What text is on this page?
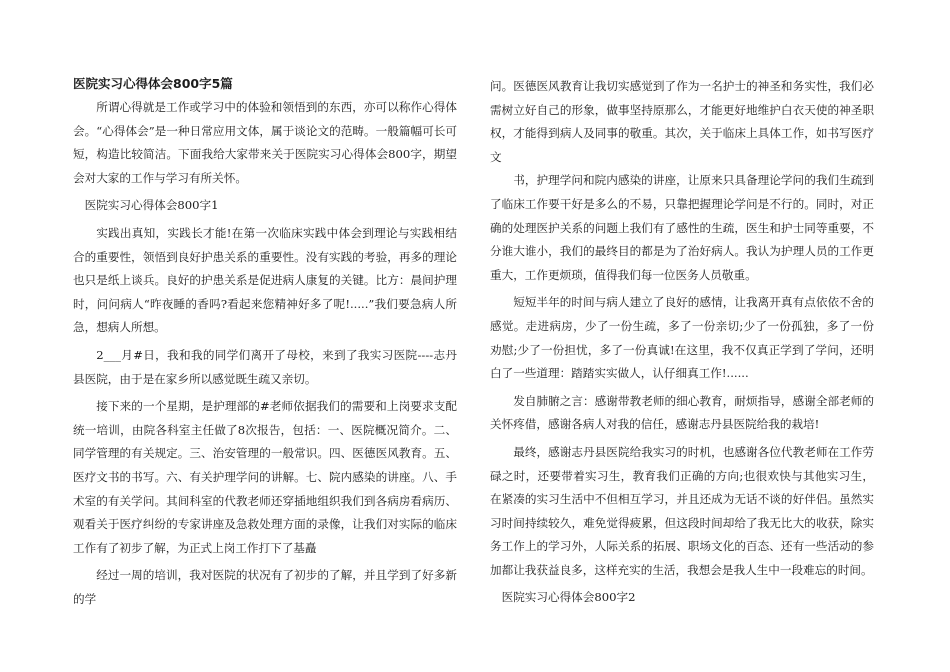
医院实习心得体会800字5篇

所谓心得就是工作或学习中的体验和领悟到的东西，亦可以称作心得体会。“心得体会”是一种日常应用文体，属于谈论文的范畴。一般篇幅可长可短，构造比较简洁。下面我给大家带来关于医院实习心得体会800字，期望会对大家的工作与学习有所关怀。

医院实习心得体会800字1

实践出真知，实践长才能!在第一次临床实践中体会到理论与实践相结合的重要性，领悟到良好护患关系的重要性。没有实践的考验，再多的理论也只是纸上谈兵。良好的护患关系是促进病人康复的关键。比方：晨间护理时，问问病人“昨夜睡的香吗?看起来您精神好多了呢!.....”我们要急病人所急，想病人所想。

2___月#日，我和我的同学们离开了母校，来到了我实习医院----志丹县医院，由于是在家乡所以感觉既生疏又亲切。

接下来的一个星期，是护理部的#老师依据我们的需要和上岗要求支配统一培训，由院各科室主任做了8次报告，包括：一、医院概况简介。二、同学管理的有关规定。三、治安管理的一般常识。四、医德医风教育。五、医疗文书的书写。六、有关护理学问的讲解。七、院内感染的讲座。八、手术室的有关学问。其间科室的代教老师还穿插地组织我们到各病房看病历、观看关于医疗纠纷的专家讲座及急救处理方面的录像，让我们对实际的临床工作有了初步了解，为正式上岗工作打下了基矗

经过一周的培训，我对医院的状况有了初步的了解，并且学到了好多新的学

问。医德医风教育让我切实感觉到了作为一名护士的神圣和务实性，我们必需树立好自己的形象，做事坚持原那么，才能更好地维护白衣天使的神圣职权，才能得到病人及同事的敬重。其次，关于临床上具体工作，如书写医疗文

书，护理学问和院内感染的讲座，让原来只具备理论学问的我们生疏到了临床工作要干好是多么的不易，只靠把握理论学问是不行的。同时，对正确的处理医护关系的问题上我们有了感性的生疏，医生和护士同等重要，不分谁大谁小，我们的最终目的都是为了治好病人。我认为护理人员的工作更重大，工作更烦琐，值得我们每一位医务人员敬重。

短短半年的时间与病人建立了良好的感情，让我离开真有点依依不舍的感觉。走进病房，少了一份生疏，多了一份亲切;少了一份孤独，多了一份劝慰;少了一份担忧，多了一份真诚!在这里，我不仅真正学到了学问，还明白了一些道理：踏踏实实做人，认仔细真工作!......

发自肺腑之言：感谢带教老师的细心教育，耐烦指导，感谢全部老师的关怀疼借，感谢各病人对我的信任，感谢志丹县医院给我的栽培!

最终，感谢志丹县医院给我实习的时机，也感谢各位代教老师在工作劳碌之时，还要带着实习生，教育我们正确的方向;也很欢快与其他实习生，在紧凑的实习生活中不但相互学习，并且还成为无话不谈的好伴侣。虽然实习时间持续较久，难免觉得疲累，但这段时间却给了我无比大的收获，除实务工作上的学习外，人际关系的拓展、职场文化的百态、还有一些活动的参加都让我获益良多，这样充实的生活，我想会是我人生中一段难忘的时间。

医院实习心得体会800字2
